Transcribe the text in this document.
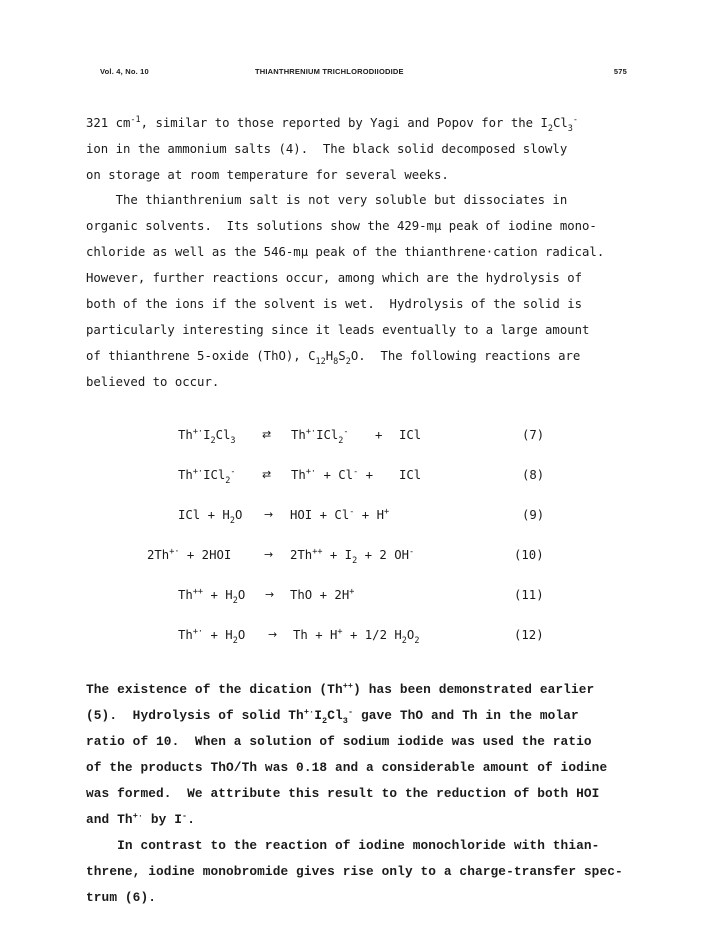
Vol. 4, No. 10	THIANTHRENIUM TRICHLORODIIODIDE	575
321 $cm^{-1}$, similar to those reported by Yagi and Popov for the $I_2Cl_3^-$
ion in the ammonium salts (4).  The black solid decomposed slowly
on storage at room temperature for several weeks.
The thianthrenium salt is not very soluble but dissociates in
organic solvents.  Its solutions show the 429-mμ peak of iodine mono-
chloride as well as the 546-mμ peak of the thianthrene·cation radical.
However, further reactions occur, among which are the hydrolysis of
both of the ions if the solvent is wet.  Hydrolysis of the solid is
particularly interesting since it leads eventually to a large amount
of thianthrene 5-oxide (ThO), $C_{12}H_8S_2O$.  The following reactions are
believed to occur.
$Th^{+\cdot}I_2Cl_3$ ⇄ Th+·ICl$_2$- + ICl	(7)
Th+·ICl$_2$- ⇄ Th+· + Cl- + ICl	(8)
ICl + $H_2O$ → HOI + Cl- + H+	(9)
2Th+· + 2HOI	→ $2Th^{++} + I_2 + 2$ OH-	(10)
$Th^{++} + H_2O$ → ThO + 2H+	(11)
$Th^{+\cdot} + H_2O \to Th + H^+ + 1/2$ $H_2O_2$	(12)
The existence of the dication (Th++) has been demonstrated earlier
(5).  Hydrolysis of solid $Th^{+\cdot}I_2Cl_3^-$ gave ThO and Th in the molar
ratio of 10.  When a solution of sodium iodide was used the ratio
of the products ThO/Th was 0.18 and a considerable amount of iodine
was formed.  We attribute this result to the reduction of both HOI
and Th+· by I-.
In contrast to the reaction of iodine monochloride with thian-
threne, iodine monobromide gives rise only to a charge-transfer spec-
trum (6).
